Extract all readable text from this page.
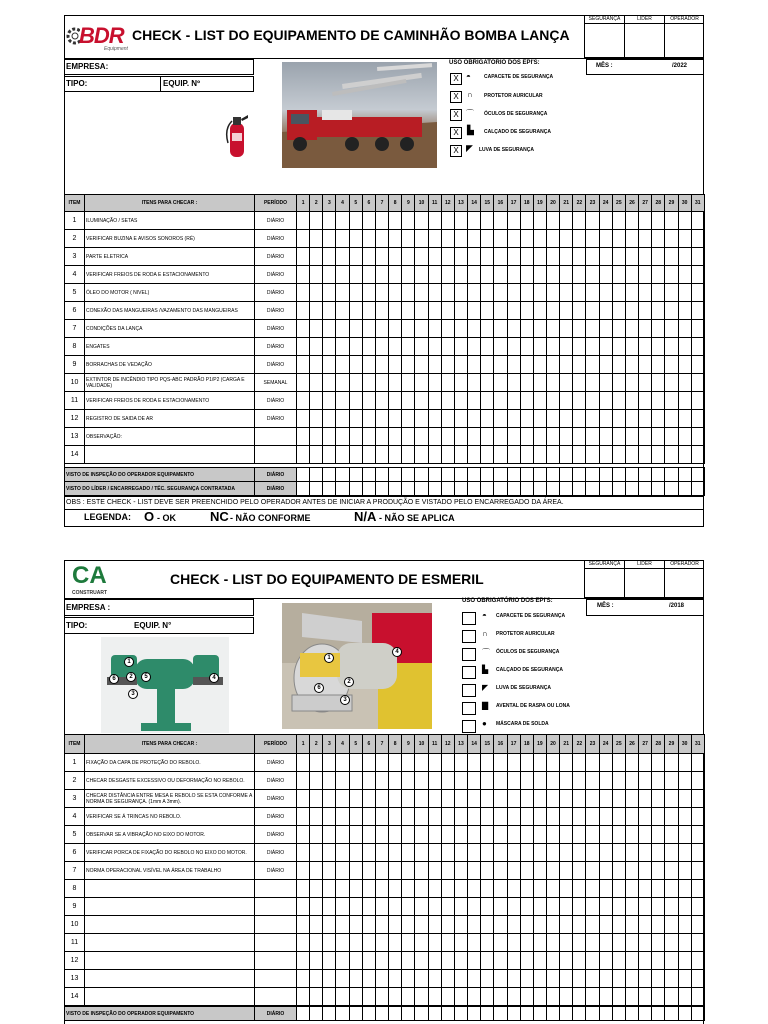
BDR
Equipment
CHECK - LIST DO EQUIPAMENTO DE CAMINHÃO BOMBA LANÇA
SEGURANÇA	LIDER	OPERADOR
EMPRESA:
TIPO:	EQUIP. Nº
USO OBRIGATÓRIO DOS EPI'S:
X ◓	CAPACETE DE SEGURANÇA
X	∩ PROTETOR AURICULAR
X ⌒ ÓCULOS DE SEGURANÇA
X ▙ CALÇADO DE SEGURANÇA
X ◤ LUVA DE SEGURANÇA
MÊS :	/2022
ITEM	ITENS PARA CHECAR :	PERÍODO	1	2	3	4	5	6	7	8	9	10	11	12	13	14	15	16	17	18	19	20	21	22	23	24	25	26	27	28	29	30	31
1	ILUMINAÇÃO / SETAS	DIÁRIO																															
2	VERIFICAR BUZINA E AVISOS SONOROS (RÉ)	DIÁRIO																															
3	PARTE ELETRICA	DIÁRIO																															
4	VERIFICAR FREIOS DE RODA E ESTACIONAMENTO	DIÁRIO																															
5	ÓLEO DO MOTOR ( NIVEL)	DIÁRIO																															
6	CONEXÃO DAS MANGUEIRAS /VAZAMENTO DAS MANGUEIRAS	DIÁRIO																															
7	CONDIÇÕES DA LANÇA	DIÁRIO																															
8	ENGATES	DIÁRIO																															
9	BORRACHAS DE VEDAÇÃO	DIÁRIO																															
10	EXTINTOR DE INCÊNDIO TIPO PQS-ABC PADRÃO P1/P2 (CARGA E VALIDADE)	SEMANAL																															
11	VERIFICAR FREIOS DE RODA E ESTACIONAMENTO	DIÁRIO																															
12	REGISTRO DE SAIDA DE AR	DIÁRIO																															
13	OBSERVAÇÃO:																																
14																																	
VISTO DE INSPEÇÃO DO OPERADOR EQUIPAMENTO	DIÁRIO																															
VISTO DO LÍDER / ENCARREGADO / TÉC. SEGURANÇA CONTRATADA	DIÁRIO																															
OBS : ESTE CHECK - LIST DEVE SER PREENCHIDO PELO OPERADOR ANTES DE INICIAR A PRODUÇÃO E VISTADO PELO ENCARREGADO DA ÁREA.
LEGENDA: O - OK	NC - NÃO CONFORME	N/A - NÃO SE APLICA
CA
CONSTRUART
CHECK - LIST DO EQUIPAMENTO DE ESMERIL
SEGURANÇA	LIDER	OPERADOR
EMPRESA :
TIPO:	EQUIP. N°
1
2
3
4
5
6
1
2
3
4
6
USO OBRIGATÓRIO DOS EPI'S:
◓ CAPACETE DE SEGURANÇA
∩ PROTETOR AURICULAR
⌒ ÓCULOS DE SEGURANÇA
▙ CALÇADO DE SEGURANÇA
◤ LUVA DE SEGURANÇA
▇ AVENTAL DE RASPA OU LONA
● MÁSCARA DE SOLDA
MÊS :	/2018
ITEM	ITENS PARA CHECAR :	PERÍODO	1	2	3	4	5	6	7	8	9	10	11	12	13	14	15	16	17	18	19	20	21	22	23	24	25	26	27	28	29	30	31
1	FIXAÇÃO DA CAPA DE PROTEÇÃO DO REBOLO.	DIÁRIO																															
2	CHECAR DESGASTE EXCESSIVO OU DEFORMAÇÃO NO REBOLO.	DIÁRIO																															
3	CHECAR DISTÂNCIA ENTRE MESA E REBOLO SE ESTA CONFORME A NORMA DE SEGURANÇA. (1mm A 3mm).	DIÁRIO																															
4	VERIFICAR SE Á TRINCAS NO REBOLO.	DIÁRIO																															
5	OBSERVAR SE A VIBRAÇÃO NO EIXO DO MOTOR.	DIÁRIO																															
6	VERIFICAR PORCA DE FIXAÇÃO DO REBOLO NO EIXO DO MOTOR.	DIÁRIO																															
7	NORMA OPERACIONAL VISÍVEL NA ÁREA DE TRABALHO	DIÁRIO																															
8																																	
9																																	
10																																	
11																																	
12																																	
13																																	
14																																	
VISTO DE INSPEÇÃO DO OPERADOR EQUIPAMENTO	DIÁRIO																															
